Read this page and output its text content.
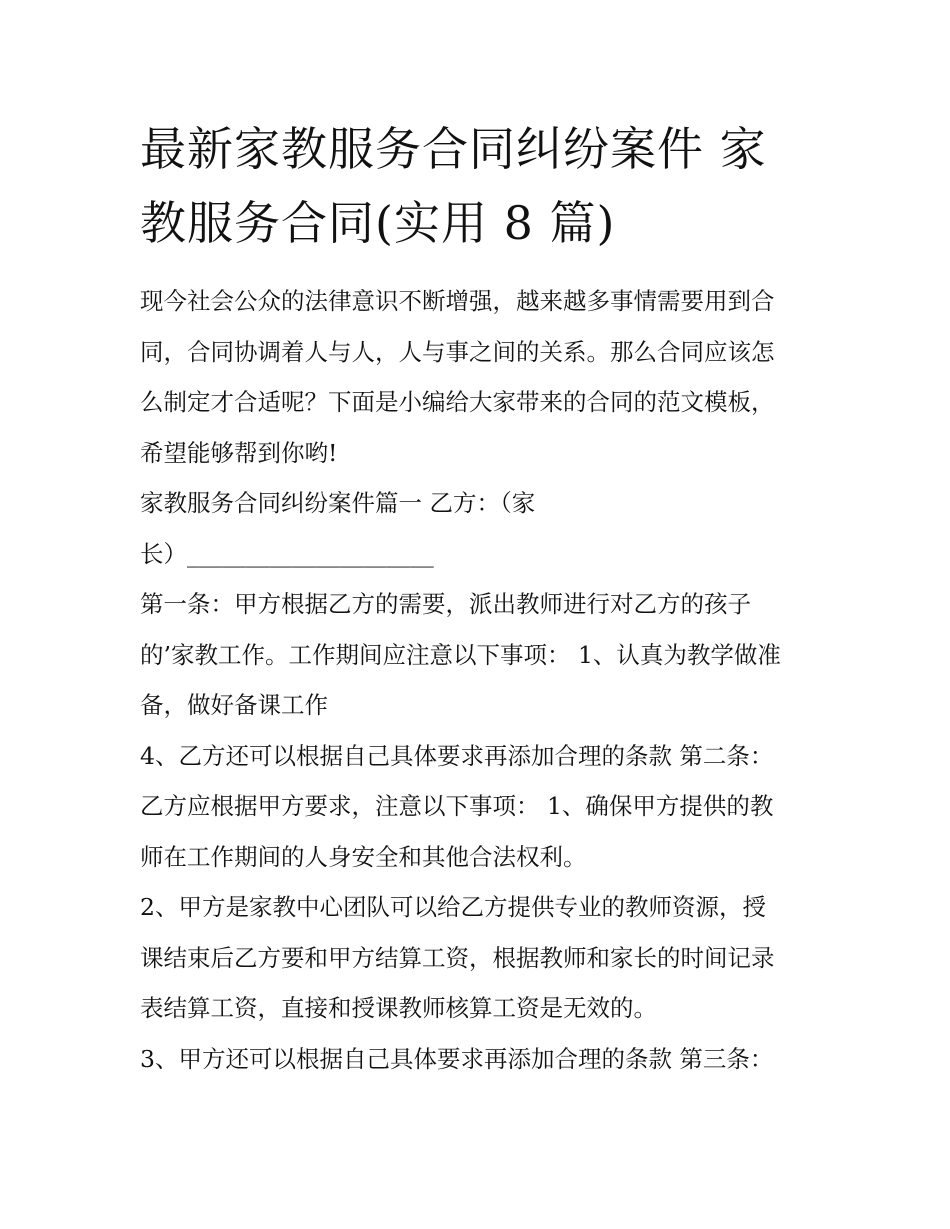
最新家教服务合同纠纷案件 家
教服务合同(实用 8 篇)
现今社会公众的法律意识不断增强，越来越多事情需要用到合
同，合同协调着人与人，人与事之间的关系。那么合同应该怎
么制定才合适呢？下面是小编给大家带来的合同的范文模板，
希望能够帮到你哟!
家教服务合同纠纷案件篇一 乙方：（家
长）_____________________
第一条：甲方根据乙方的需要，派出教师进行对乙方的孩子
的’家教工作。工作期间应注意以下事项： 1、认真为教学做准
备，做好备课工作
4、乙方还可以根据自己具体要求再添加合理的条款 第二条：
乙方应根据甲方要求，注意以下事项： 1、确保甲方提供的教
师在工作期间的人身安全和其他合法权利。
2、甲方是家教中心团队可以给乙方提供专业的教师资源，授
课结束后乙方要和甲方结算工资，根据教师和家长的时间记录
表结算工资，直接和授课教师核算工资是无效的。
3、甲方还可以根据自己具体要求再添加合理的条款 第三条：
